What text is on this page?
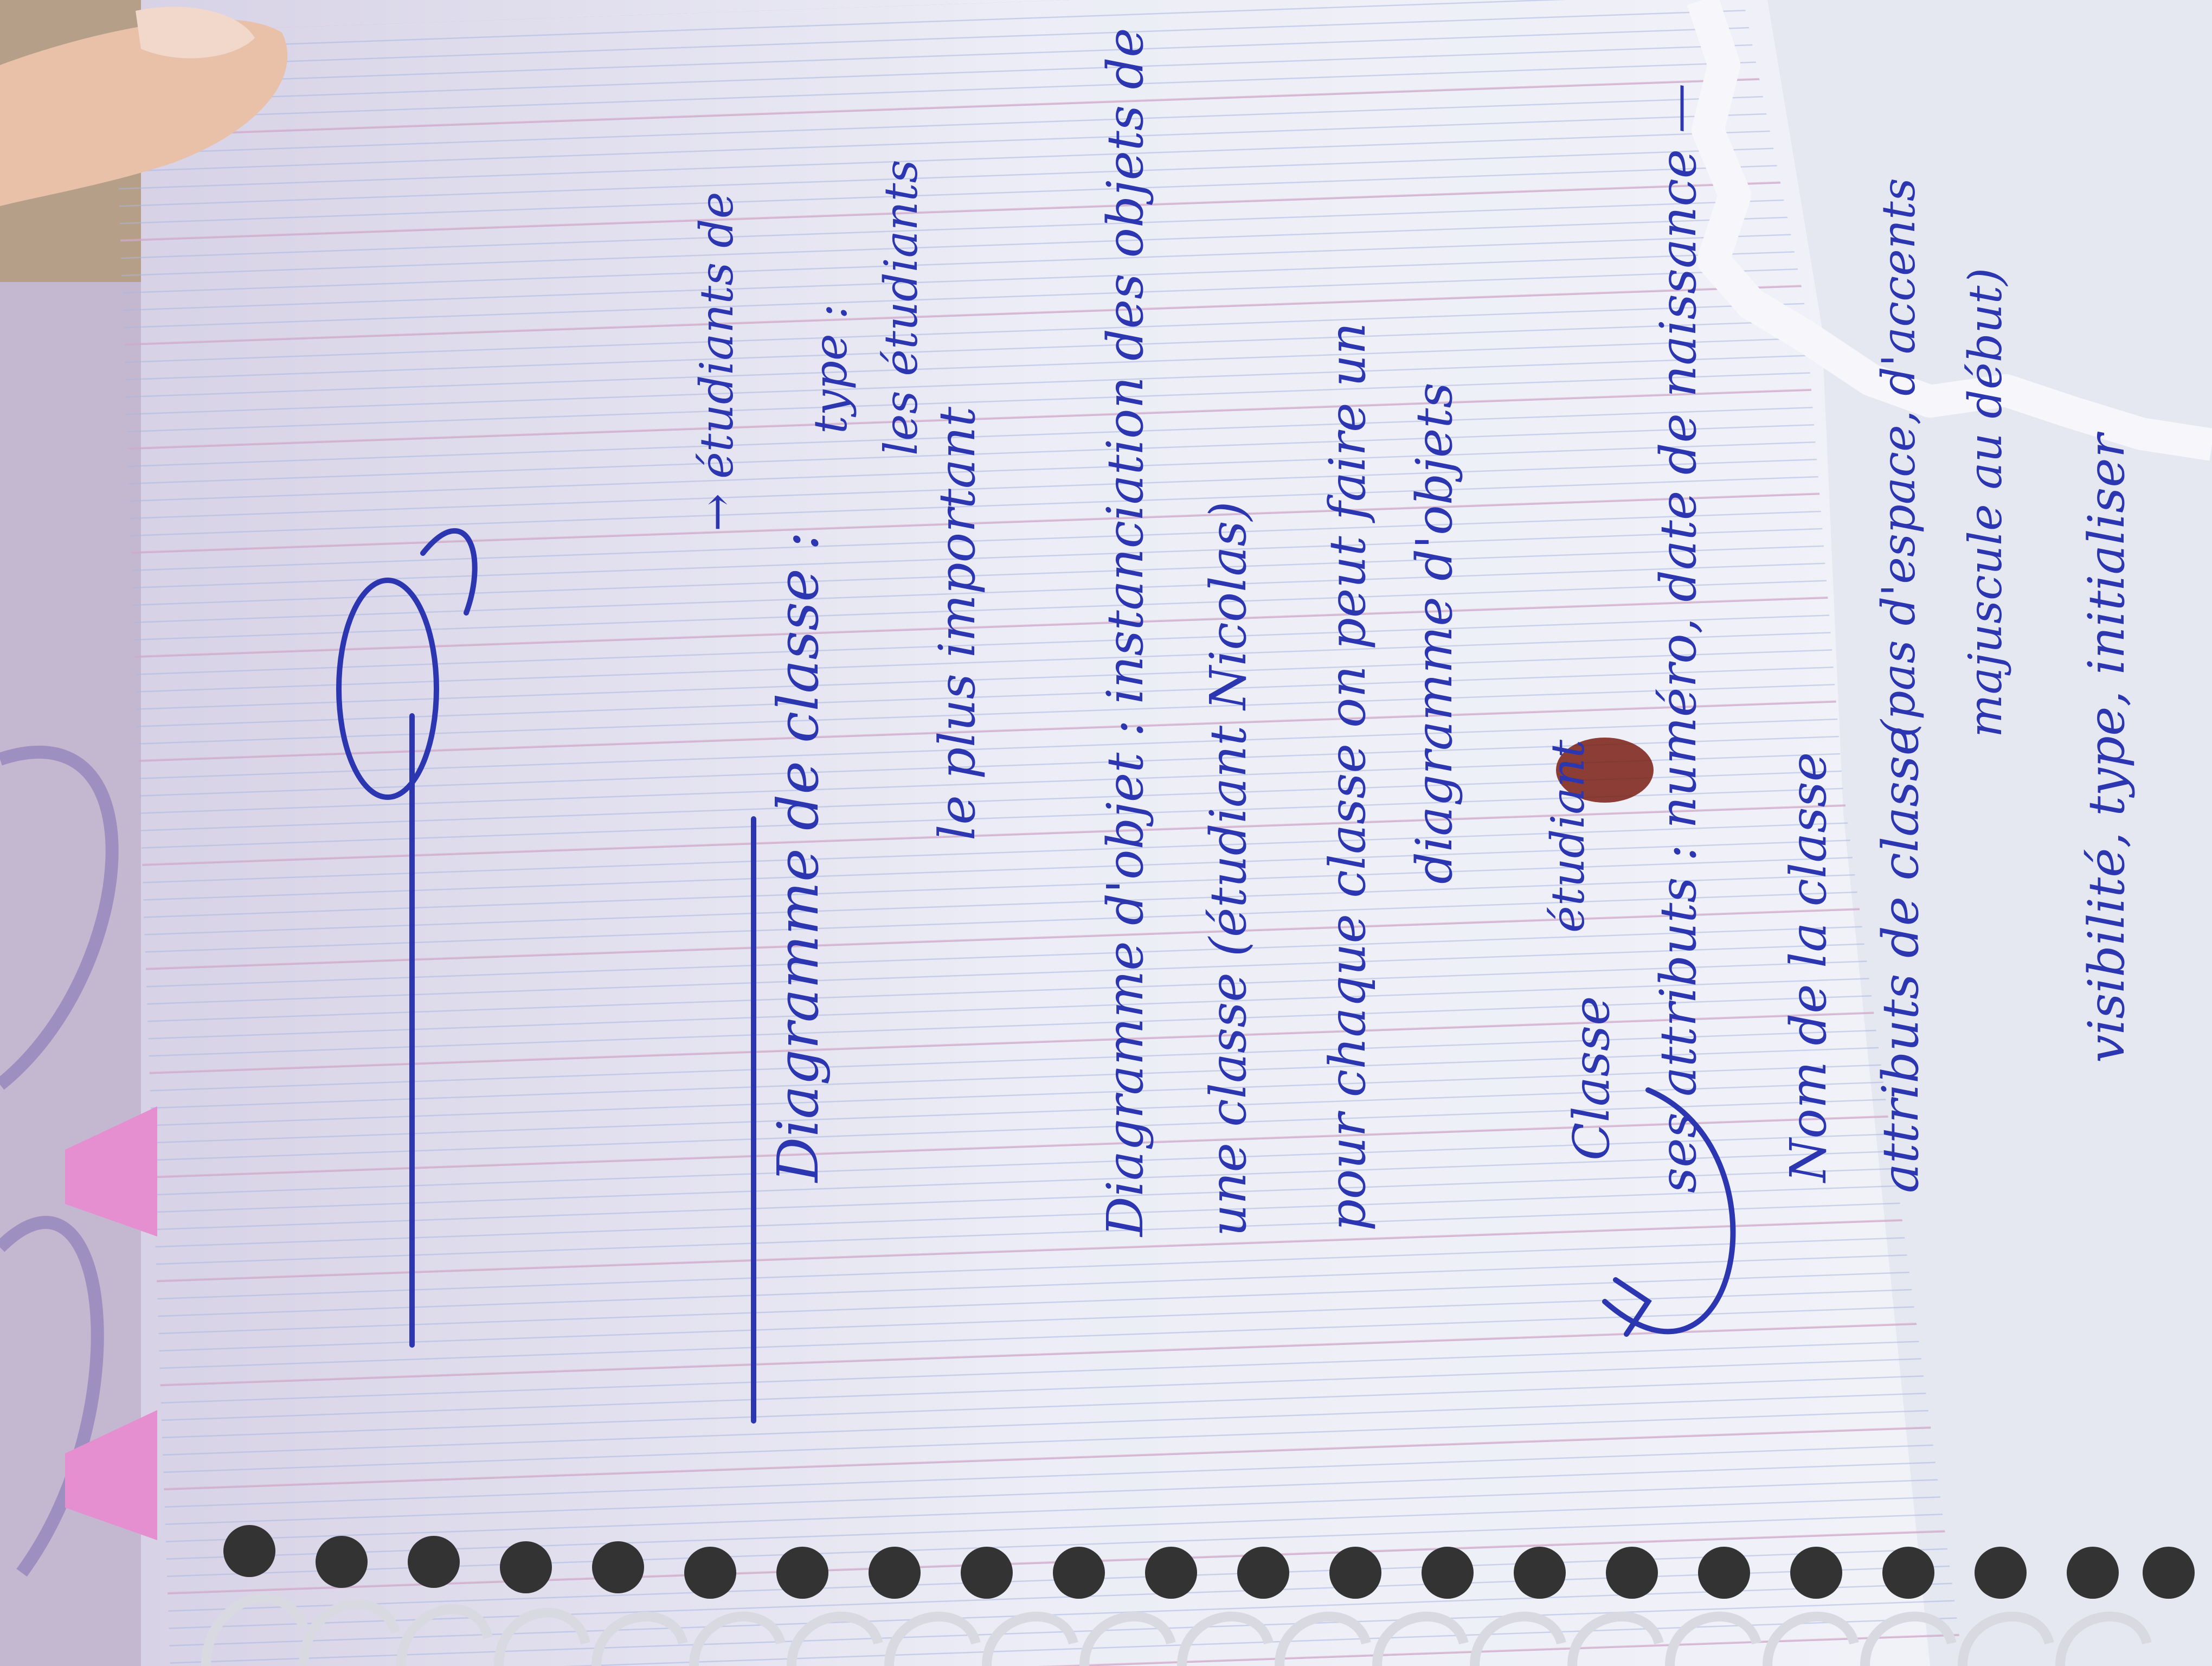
Diagramme de classe :
→ étudiants de type : les étudiants
le plus important Diagramme d'objet : instanciation des objets de une classe (étudiant Nicolas) pour chaque classe on peut faire un diagramme d'objets
Classe
étudiant ses attributs : numéro, date de naissance — Nom de la classe attributs de classe
(pas d'espace, d'accents majuscule au début) visibilité, type, initialiser
